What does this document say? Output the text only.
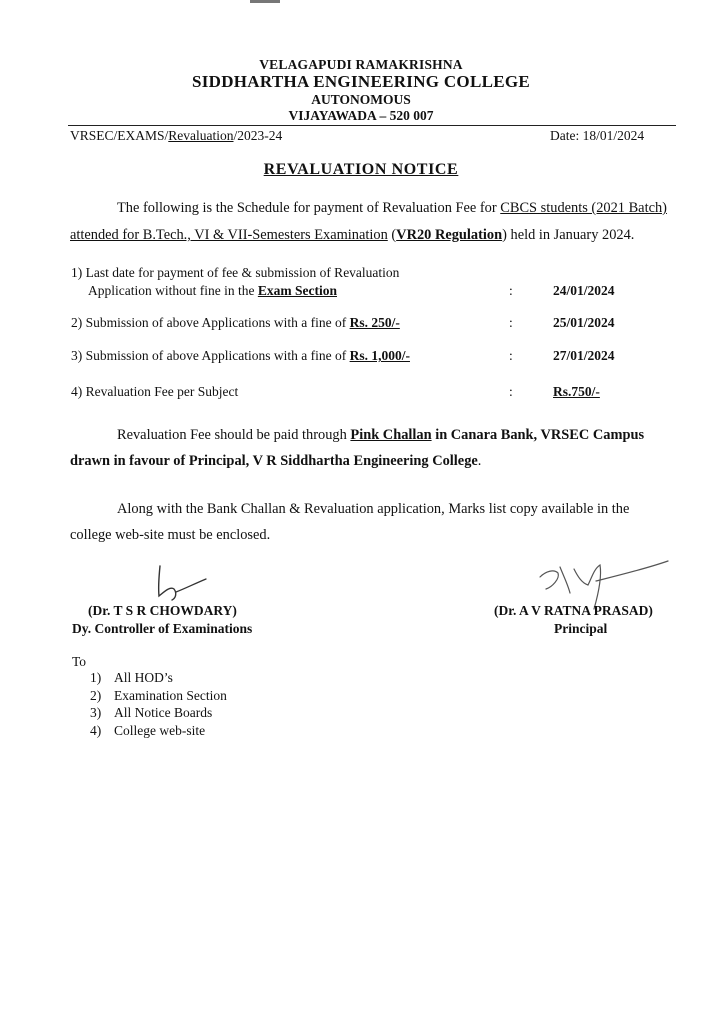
VELAGAPUDI RAMAKRISHNA
SIDDHARTHA ENGINEERING COLLEGE
AUTONOMOUS
VIJAYAWADA – 520 007
VRSEC/EXAMS/Revaluation/2023-24	Date: 18/01/2024
REVALUATION NOTICE
The following is the Schedule for payment of Revaluation Fee for CBCS students (2021 Batch)
attended for B.Tech., VI & VII-Semesters Examination (VR20 Regulation) held in January 2024.
1) Last date for payment of fee & submission of Revaluation
Application without fine in the Exam Section	:	24/01/2024
2) Submission of above Applications with a fine of Rs. 250/-	:	25/01/2024
3) Submission of above Applications with a fine of Rs. 1,000/-	:	27/01/2024
4) Revaluation Fee per Subject	:	Rs.750/-
Revaluation Fee should be paid through Pink Challan in Canara Bank, VRSEC Campus
drawn in favour of Principal, V R Siddhartha Engineering College.
Along with the Bank Challan & Revaluation application, Marks list copy available in the
college web-site must be enclosed.
(Dr. T S R CHOWDARY)
Dy. Controller of Examinations
(Dr. A V RATNA PRASAD)
Principal
To
1) All HOD’s
2) Examination Section
3) All Notice Boards
4) College web-site
